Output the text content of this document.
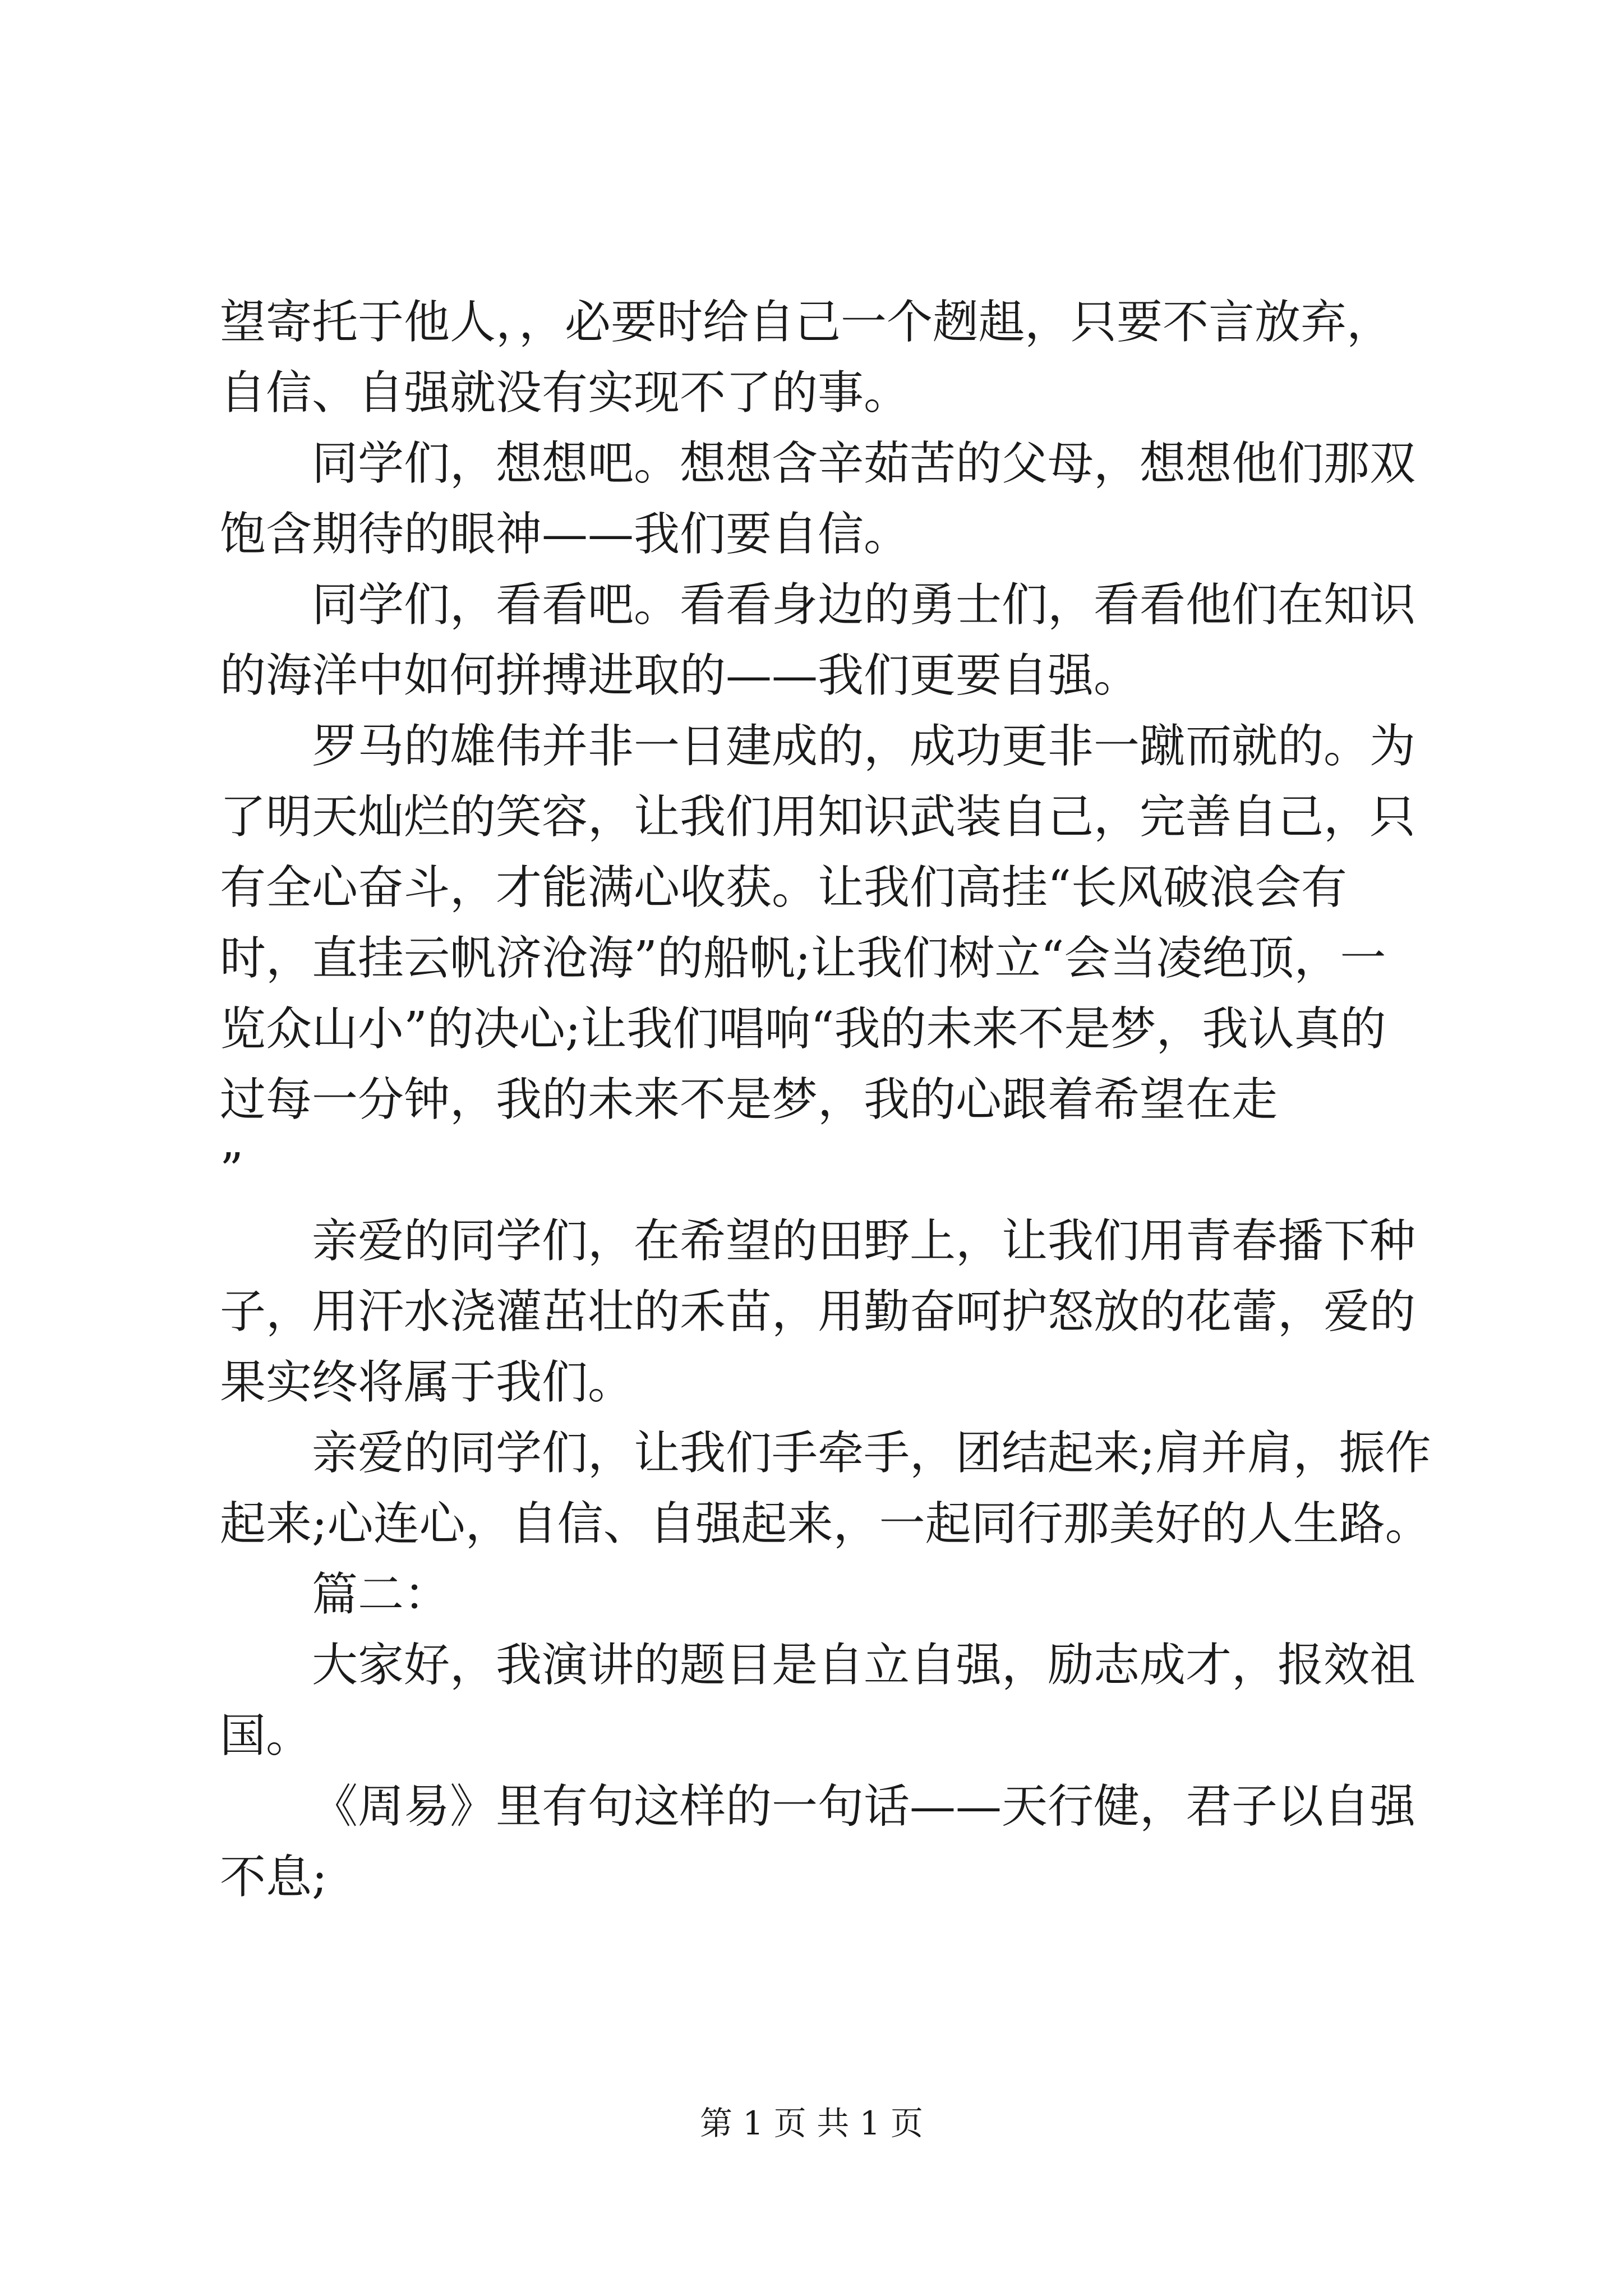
望寄托于他人，，必要时给自己一个趔趄，只要不言放弃，自信、自强就没有实现不了的事。

同学们，想想吧。想想含辛茹苦的父母，想想他们那双饱含期待的眼神——我们要自信。

同学们，看看吧。看看身边的勇士们，看看他们在知识的海洋中如何拼搏进取的——我们更要自强。

罗马的雄伟并非一日建成的，成功更非一蹴而就的。为了明天灿烂的笑容，让我们用知识武装自己，完善自己，只有全心奋斗，才能满心收获。让我们高挂“长风破浪会有时，直挂云帆济沧海”的船帆;让我们树立“会当凌绝顶，一览众山小”的决心;让我们唱响“我的未来不是梦，我认真的过每一分钟，我的未来不是梦，我的心跟着希望在走

”

亲爱的同学们，在希望的田野上，让我们用青春播下种子，用汗水浇灌茁壮的禾苗，用勤奋呵护怒放的花蕾，爱的果实终将属于我们。

亲爱的同学们，让我们手牵手，团结起来;肩并肩，振作起来;心连心，自信、自强起来，一起同行那美好的人生路。

篇二：

大家好，我演讲的题目是自立自强，励志成才，报效祖国。

《周易》里有句这样的一句话——天行健，君子以自强不息;

第 1 页 共 1 页
